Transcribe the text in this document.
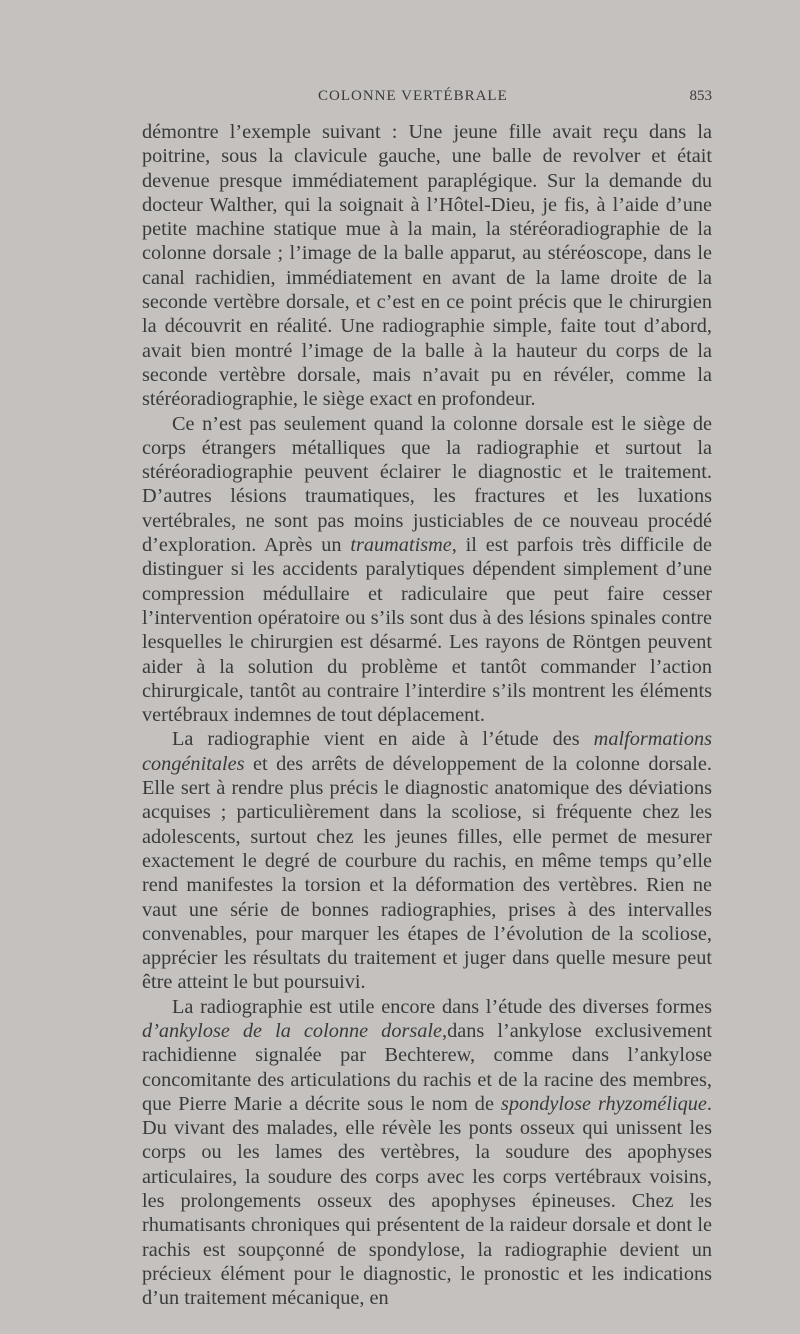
COLONNE VERTÉBRALE	853

démontre l’exemple suivant : Une jeune fille avait reçu dans la poitrine, sous la clavicule gauche, une balle de revolver et était devenue presque immédiatement paraplégique. Sur la demande du docteur Walther, qui la soignait à l’Hôtel-Dieu, je fis, à l’aide d’une petite machine statique mue à la main, la stéréoradiographie de la colonne dorsale ; l’image de la balle apparut, au stéréoscope, dans le canal rachidien, immédiatement en avant de la lame droite de la seconde vertèbre dorsale, et c’est en ce point précis que le chirurgien la découvrit en réalité. Une radiographie simple, faite tout d’abord, avait bien montré l’image de la balle à la hauteur du corps de la seconde vertèbre dorsale, mais n’avait pu en révéler, comme la stéréoradiographie, le siège exact en profondeur.

Ce n’est pas seulement quand la colonne dorsale est le siège de corps étrangers métalliques que la radiographie et surtout la stéréoradiographie peuvent éclairer le diagnostic et le traitement. D’autres lésions traumatiques, les fractures et les luxations vertébrales, ne sont pas moins justiciables de ce nouveau procédé d’exploration. Après un traumatisme, il est parfois très difficile de distinguer si les accidents paralytiques dépendent simplement d’une compression médullaire et radiculaire que peut faire cesser l’intervention opératoire ou s’ils sont dus à des lésions spinales contre lesquelles le chirurgien est désarmé. Les rayons de Röntgen peuvent aider à la solution du problème et tantôt commander l’action chirurgicale, tantôt au contraire l’interdire s’ils montrent les éléments vertébraux indemnes de tout déplacement.

La radiographie vient en aide à l’étude des malformations congénitales et des arrêts de développement de la colonne dorsale. Elle sert à rendre plus précis le diagnostic anatomique des déviations acquises ; particulièrement dans la scoliose, si fréquente chez les adolescents, surtout chez les jeunes filles, elle permet de mesurer exactement le degré de courbure du rachis, en même temps qu’elle rend manifestes la torsion et la déformation des vertèbres. Rien ne vaut une série de bonnes radiographies, prises à des intervalles convenables, pour marquer les étapes de l’évolution de la scoliose, apprécier les résultats du traitement et juger dans quelle mesure peut être atteint le but poursuivi.

La radiographie est utile encore dans l’étude des diverses formes d’ankylose de la colonne dorsale,dans l’ankylose exclusivement rachidienne signalée par Bechterew, comme dans l’ankylose concomitante des articulations du rachis et de la racine des membres, que Pierre Marie a décrite sous le nom de spondylose rhyzomélique. Du vivant des malades, elle révèle les ponts osseux qui unissent les corps ou les lames des vertèbres, la soudure des apophyses articulaires, la soudure des corps avec les corps vertébraux voisins, les prolongements osseux des apophyses épineuses. Chez les rhumatisants chroniques qui présentent de la raideur dorsale et dont le rachis est soupçonné de spondylose, la radiographie devient un précieux élément pour le diagnostic, le pronostic et les indications d’un traitement mécanique, en
